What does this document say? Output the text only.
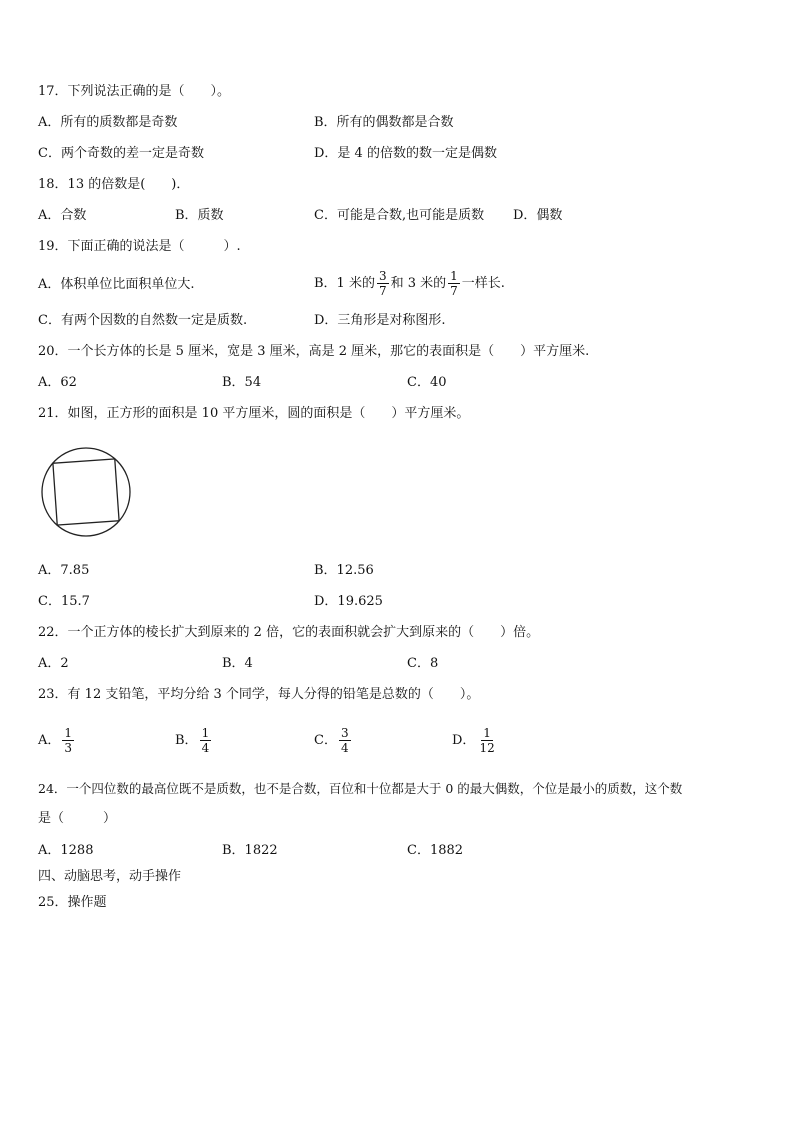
17．下列说法正确的是（　　）。
A．所有的质数都是奇数	B．所有的偶数都是合数
C．两个奇数的差一定是奇数	D．是 4 的倍数的数一定是偶数
18．13 的倍数是(　　)．
A．合数	B．质数	C．可能是合数,也可能是质数 D．偶数
19．下面正确的说法是（　　　）.
A．体积单位比面积单位大.	B．1 米的 $\frac{3}{7}$ 和 3 米的 $\frac{1}{7}$ 一样长.
C．有两个因数的自然数一定是质数.	D．三角形是对称图形.
20．一个长方体的长是 5 厘米，宽是 3 厘米，高是 2 厘米，那它的表面积是（　　）平方厘米.
A．62	B．54	C．40
21．如图，正方形的面积是 10 平方厘米，圆的面积是（　　）平方厘米。
A．7.85	B．12.56
C．15.7	D．19.625
22．一个正方体的棱长扩大到原来的 2 倍，它的表面积就会扩大到原来的（　　）倍。
A．2	B．4	C．8
23．有 12 支铅笔，平均分给 3 个同学，每人分得的铅笔是总数的（　　）。
A． $\frac{1}{3}$	B． $\frac{1}{4}$	C． $\frac{3}{4}$	D． $\frac{1}{12}$
24．一个四位数的最高位既不是质数，也不是合数，百位和十位都是大于 0 的最大偶数，个位是最小的质数，这个数
是（　　　）
A．1288	B．1822	C．1882
四、动脑思考，动手操作
25．操作题
